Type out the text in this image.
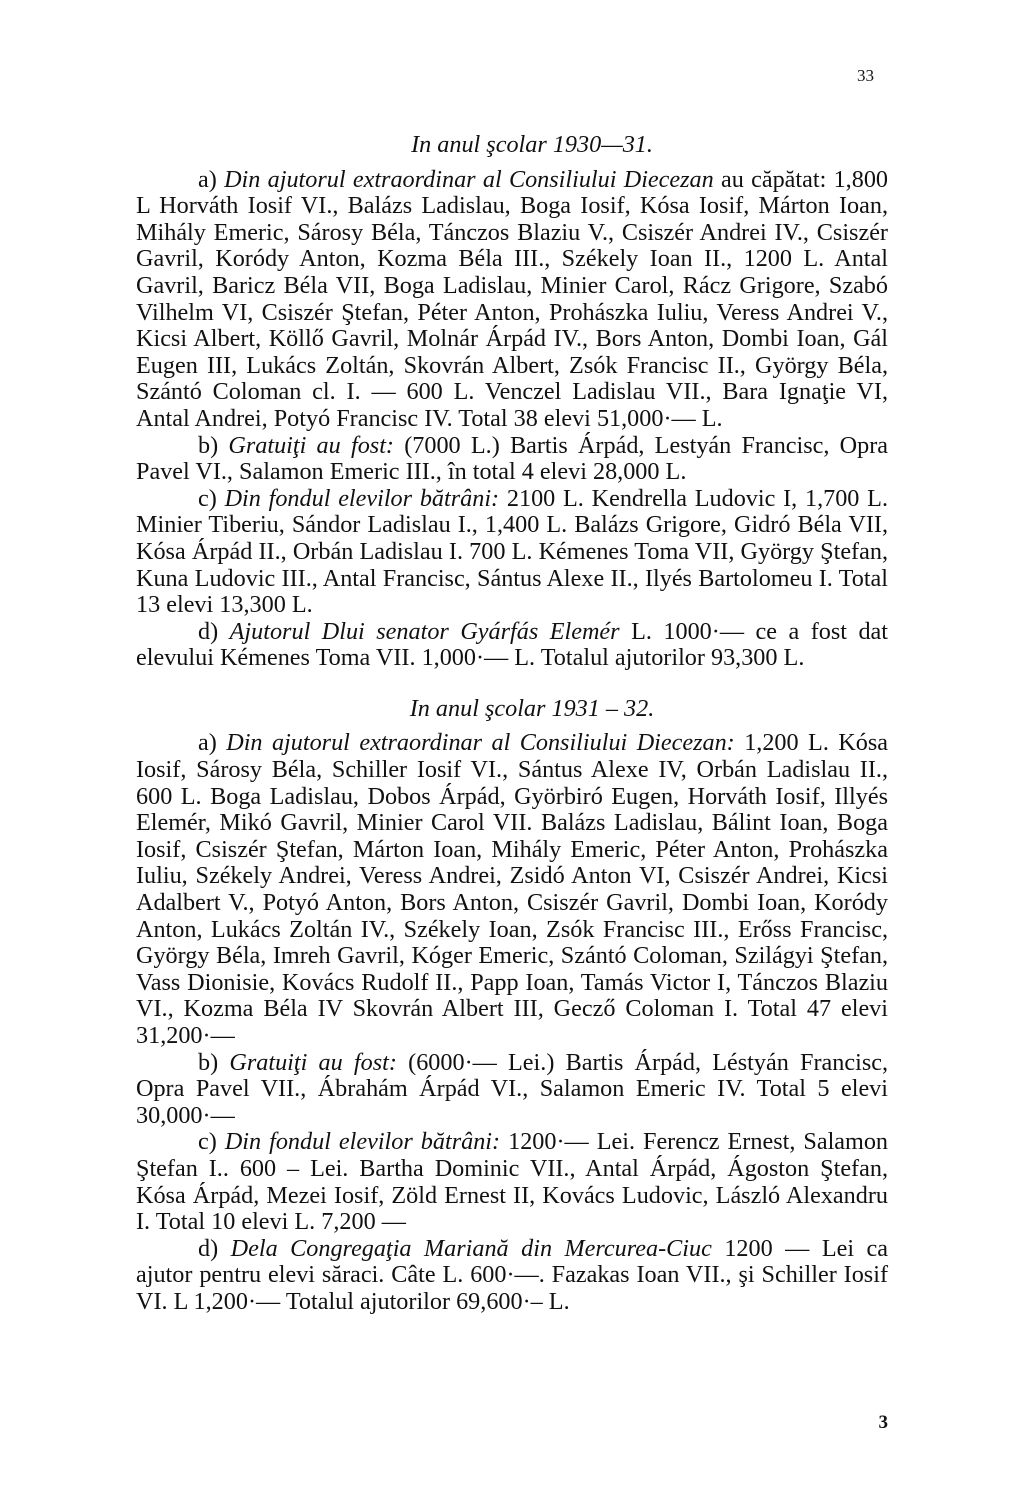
33
In anul şcolar 1930—31.

a) Din ajutorul extraordinar al Consiliului Diecezan au căpătat: 1,800 L Horváth Iosif VI., Balázs Ladislau, Boga Iosif, Kósa Iosif, Márton Ioan, Mihály Emeric, Sárosy Béla, Tánczos Blaziu V., Csiszér Andrei IV., Csiszér Gavril, Koródy Anton, Kozma Béla III., Székely Ioan II., 1200 L. Antal Gavril, Baricz Béla VII, Boga Ladislau, Minier Carol, Rácz Grigore, Szabó Vilhelm VI, Csiszér Ştefan, Péter Anton, Prohászka Iuliu, Veress Andrei V., Kicsi Albert, Köllő Gavril, Molnár Árpád IV., Bors Anton, Dombi Ioan, Gál Eugen III, Lukács Zoltán, Skovrán Albert, Zsók Francisc II., György Béla, Szántó Coloman cl. I. — 600 L. Venczel Ladislau VII., Bara Ignaţie VI, Antal Andrei, Potyó Francisc IV. Total 38 elevi 51,000·— L.

b) Gratuiţi au fost: (7000 L.) Bartis Árpád, Lestyán Francisc, Opra Pavel VI., Salamon Emeric III., în total 4 elevi 28,000 L.

c) Din fondul elevilor bătrâni: 2100 L. Kendrella Ludovic I, 1,700 L. Minier Tiberiu, Sándor Ladislau I., 1,400 L. Balázs Grigore, Gidró Béla VII, Kósa Árpád II., Orbán Ladislau I. 700 L. Kémenes Toma VII, György Ştefan, Kuna Ludovic III., Antal Francisc, Sántus Alexe II., Ilyés Bartolomeu I. Total 13 elevi 13,300 L.

d) Ajutorul Dlui senator Gyárfás Elemér L. 1000·— ce a fost dat elevului Kémenes Toma VII. 1,000·— L. Totalul ajutorilor 93,300 L.

In anul şcolar 1931 – 32.

a) Din ajutorul extraordinar al Consiliului Diecezan: 1,200 L. Kósa Iosif, Sárosy Béla, Schiller Iosif VI., Sántus Alexe IV, Orbán Ladislau II., 600 L. Boga Ladislau, Dobos Árpád, Györbiró Eugen, Horváth Iosif, Illyés Elemér, Mikó Gavril, Minier Carol VII. Balázs Ladislau, Bálint Ioan, Boga Iosif, Csiszér Ştefan, Márton Ioan, Mihály Emeric, Péter Anton, Prohászka Iuliu, Székely Andrei, Veress Andrei, Zsidó Anton VI, Csiszér Andrei, Kicsi Adalbert V., Potyó Anton, Bors Anton, Csiszér Gavril, Dombi Ioan, Koródy Anton, Lukács Zoltán IV., Székely Ioan, Zsók Francisc III., Erőss Francisc, György Béla, Imreh Gavril, Kóger Emeric, Szántó Coloman, Szilágyi Ştefan, Vass Dionisie, Kovács Rudolf II., Papp Ioan, Tamás Victor I, Tánczos Blaziu VI., Kozma Béla IV Skovrán Albert III, Gecző Coloman I. Total 47 elevi 31,200·—

b) Gratuiţi au fost: (6000·— Lei.) Bartis Árpád, Léstyán Francisc, Opra Pavel VII., Ábrahám Árpád VI., Salamon Emeric IV. Total 5 elevi 30,000·—

c) Din fondul elevilor bătrâni: 1200·— Lei. Ferencz Ernest, Salamon Ştefan I.. 600 – Lei. Bartha Dominic VII., Antal Árpád, Ágoston Ştefan, Kósa Árpád, Mezei Iosif, Zöld Ernest II, Kovács Ludovic, László Alexandru I. Total 10 elevi L. 7,200 —

d) Dela Congregaţia Mariană din Mercurea-Ciuc 1200 — Lei ca ajutor pentru elevi săraci. Câte L. 600·—. Fazakas Ioan VII., şi Schiller Iosif VI. L 1,200·— Totalul ajutorilor 69,600·– L.

3
